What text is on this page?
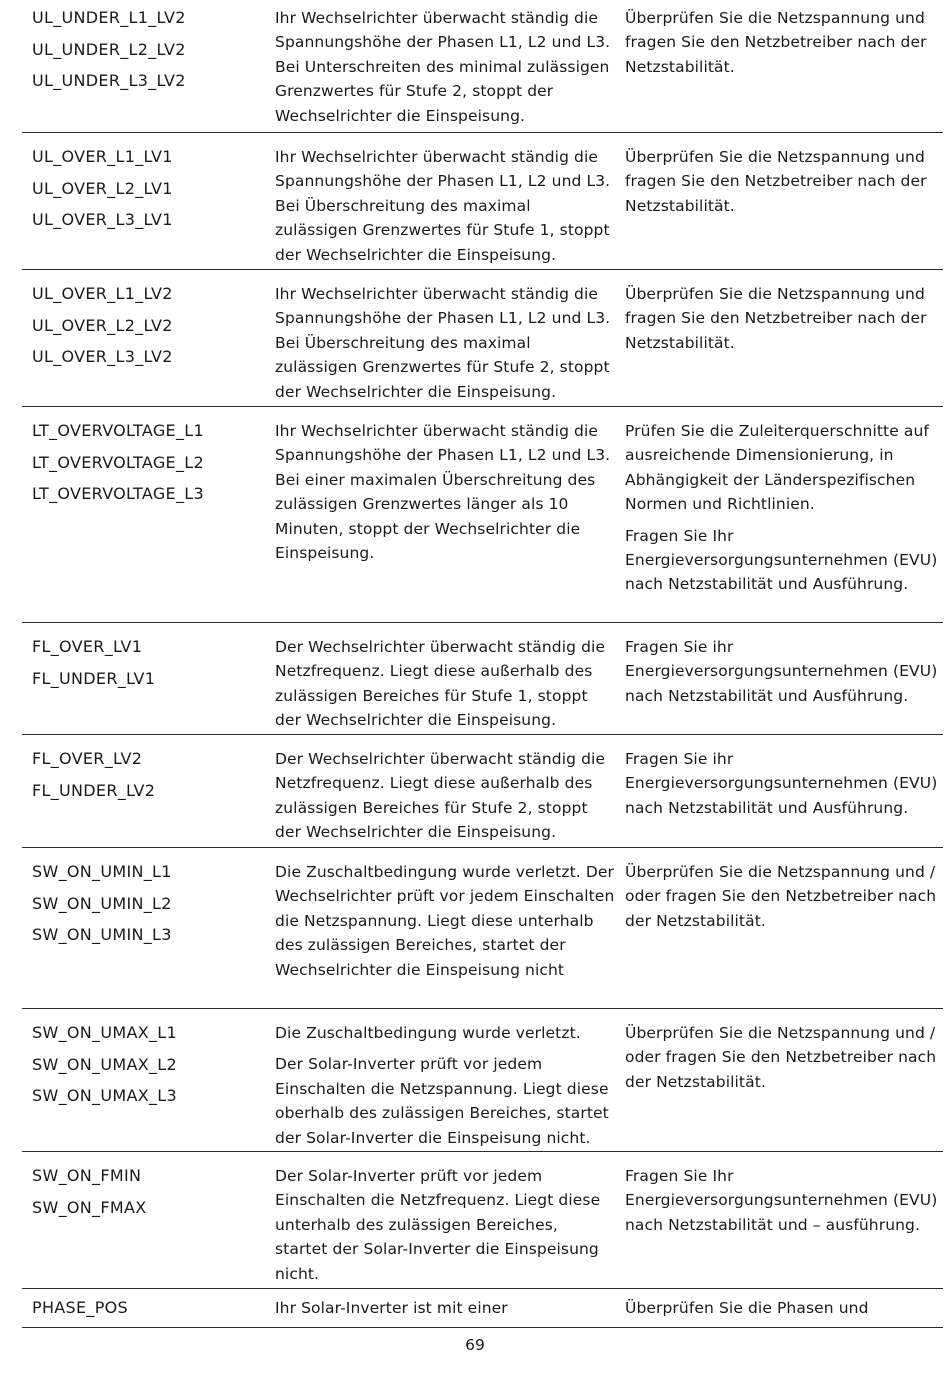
UL_UNDER_L1_LV2
UL_UNDER_L2_LV2
UL_UNDER_L3_LV2

Ihr Wechselrichter überwacht ständig die Spannungshöhe der Phasen L1, L2 und L3. Bei Unterschreiten des minimal zulässigen Grenzwertes für Stufe 2, stoppt der Wechselrichter die Einspeisung.

Überprüfen Sie die Netzspannung und fragen Sie den Netzbetreiber nach der Netzstabilität.

UL_OVER_L1_LV1
UL_OVER_L2_LV1
UL_OVER_L3_LV1

Ihr Wechselrichter überwacht ständig die Spannungshöhe der Phasen L1, L2 und L3. Bei Überschreitung des maximal zulässigen Grenzwertes für Stufe 1, stoppt der Wechselrichter die Einspeisung.

Überprüfen Sie die Netzspannung und fragen Sie den Netzbetreiber nach der Netzstabilität.

UL_OVER_L1_LV2
UL_OVER_L2_LV2
UL_OVER_L3_LV2

Ihr Wechselrichter überwacht ständig die Spannungshöhe der Phasen L1, L2 und L3. Bei Überschreitung des maximal zulässigen Grenzwertes für Stufe 2, stoppt der Wechselrichter die Einspeisung.

Überprüfen Sie die Netzspannung und fragen Sie den Netzbetreiber nach der Netzstabilität.

LT_OVERVOLTAGE_L1
LT_OVERVOLTAGE_L2
LT_OVERVOLTAGE_L3

Ihr Wechselrichter überwacht ständig die Spannungshöhe der Phasen L1, L2 und L3. Bei einer maximalen Überschreitung des zulässigen Grenzwertes länger als 10 Minuten, stoppt der Wechselrichter die Einspeisung.

Prüfen Sie die Zuleiterquerschnitte auf ausreichende Dimensionierung, in Abhängigkeit der Länderspezifischen Normen und Richtlinien.

Fragen Sie Ihr Energieversorgungsunternehmen (EVU) nach Netzstabilität und Ausführung.

FL_OVER_LV1
FL_UNDER_LV1

Der Wechselrichter überwacht ständig die Netzfrequenz. Liegt diese außerhalb des zulässigen Bereiches für Stufe 1, stoppt der Wechselrichter die Einspeisung.

Fragen Sie ihr Energieversorgungsunternehmen (EVU) nach Netzstabilität und Ausführung.

FL_OVER_LV2
FL_UNDER_LV2

Der Wechselrichter überwacht ständig die Netzfrequenz. Liegt diese außerhalb des zulässigen Bereiches für Stufe 2, stoppt der Wechselrichter die Einspeisung.

Fragen Sie ihr Energieversorgungsunternehmen (EVU) nach Netzstabilität und Ausführung.

SW_ON_UMIN_L1
SW_ON_UMIN_L2
SW_ON_UMIN_L3

Die Zuschaltbedingung wurde verletzt. Der Wechselrichter prüft vor jedem Einschalten die Netzspannung. Liegt diese unterhalb des zulässigen Bereiches, startet der Wechselrichter die Einspeisung nicht

Überprüfen Sie die Netzspannung und / oder fragen Sie den Netzbetreiber nach der Netzstabilität.

SW_ON_UMAX_L1
SW_ON_UMAX_L2
SW_ON_UMAX_L3

Die Zuschaltbedingung wurde verletzt.

Der Solar-Inverter prüft vor jedem Einschalten die Netzspannung. Liegt diese oberhalb des zulässigen Bereiches, startet der Solar-Inverter die Einspeisung nicht.

Überprüfen Sie die Netzspannung und / oder fragen Sie den Netzbetreiber nach der Netzstabilität.

SW_ON_FMIN
SW_ON_FMAX

Der Solar-Inverter prüft vor jedem Einschalten die Netzfrequenz. Liegt diese unterhalb des zulässigen Bereiches, startet der Solar-Inverter die Einspeisung nicht.

Fragen Sie Ihr Energieversorgungsunternehmen (EVU) nach Netzstabilität und – ausführung.

PHASE_POS	Ihr Solar-Inverter ist mit einer	Überprüfen Sie die Phasen und

69
